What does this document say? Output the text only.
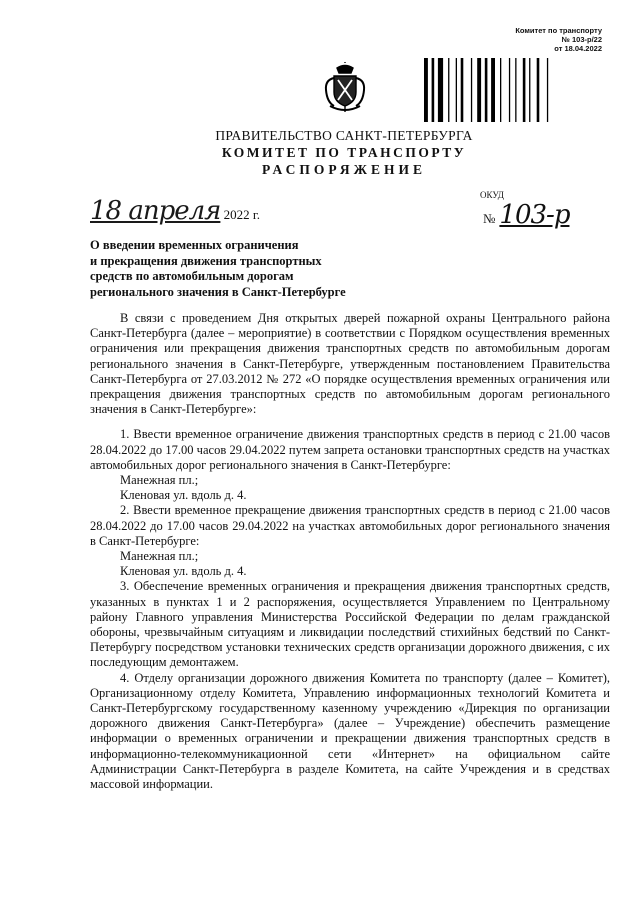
Комитет по транспорту
№ 103-р/22
от 18.04.2022
ПРАВИТЕЛЬСТВО САНКТ-ПЕТЕРБУРГА
КОМИТЕТ ПО ТРАНСПОРТУ
РАСПОРЯЖЕНИЕ
ОКУД
18 апреля 2022 г.	№ 103-р
О введении временных ограничения
и прекращения движения транспортных
средств по автомобильным дорогам
регионального значения в Санкт-Петербурге

В связи с проведением Дня открытых дверей пожарной охраны Центрального района Санкт-Петербурга (далее – мероприятие) в соответствии с Порядком осуществления временных ограничения или прекращения движения транспортных средств по автомобильным дорогам регионального значения в Санкт-Петербурге, утвержденным постановлением Правительства Санкт-Петербурга от 27.03.2012 № 272 «О порядке осуществления временных ограничения или прекращения движения транспортных средств по автомобильным дорогам регионального значения в Санкт-Петербурге»:

1. Ввести временное ограничение движения транспортных средств в период с 21.00 часов 28.04.2022 до 17.00 часов 29.04.2022 путем запрета остановки транспортных средств на участках автомобильных дорог регионального значения в Санкт-Петербурге:

Манежная пл.;

Кленовая ул. вдоль д. 4.

2. Ввести временное прекращение движения транспортных средств в период с 21.00 часов 28.04.2022 до 17.00 часов 29.04.2022 на участках автомобильных дорог регионального значения в Санкт-Петербурге:

Манежная пл.;

Кленовая ул. вдоль д. 4.

3. Обеспечение временных ограничения и прекращения движения транспортных средств, указанных в пунктах 1 и 2 распоряжения, осуществляется Управлением по Центральному району Главного управления Министерства Российской Федерации по делам гражданской обороны, чрезвычайным ситуациям и ликвидации последствий стихийных бедствий по Санкт-Петербургу посредством установки технических средств организации дорожного движения, с их последующим демонтажем.

4. Отделу организации дорожного движения Комитета по транспорту (далее – Комитет), Организационному отделу Комитета, Управлению информационных технологий Комитета и Санкт-Петербургскому государственному казенному учреждению «Дирекция по организации дорожного движения Санкт-Петербурга» (далее – Учреждение) обеспечить размещение информации о временных ограничении и прекращении движения транспортных средств в информационно-телекоммуникационной сети «Интернет» на официальном сайте Администрации Санкт-Петербурга в разделе Комитета, на сайте Учреждения и в средствах массовой информации.
